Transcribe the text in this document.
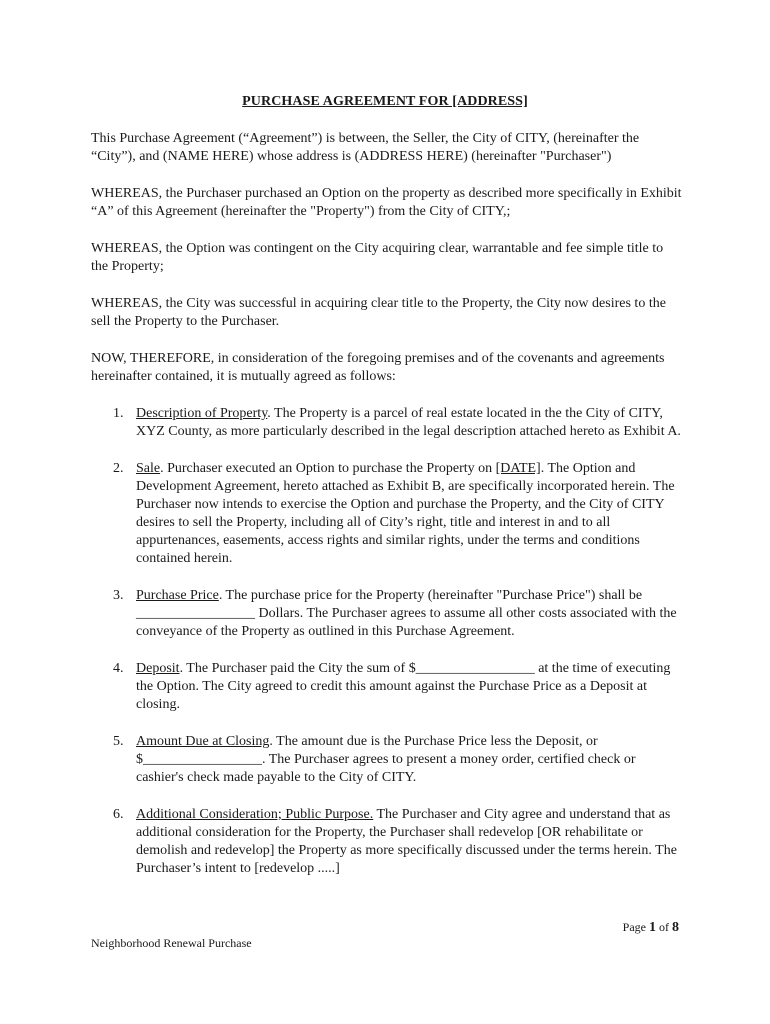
PURCHASE AGREEMENT FOR [ADDRESS]

This Purchase Agreement (“Agreement”) is between, the Seller, the City of CITY, (hereinafter the “City”), and (NAME HERE) whose address is (ADDRESS HERE) (hereinafter "Purchaser")

WHEREAS, the Purchaser purchased an Option on the property as described more specifically in Exhibit “A” of this Agreement (hereinafter the "Property") from the City of CITY,;

WHEREAS, the Option was contingent on the City acquiring clear, warrantable and fee simple title to the Property;

WHEREAS, the City was successful in acquiring clear title to the Property, the City now desires to the sell the Property to the Purchaser.

NOW, THEREFORE, in consideration of the foregoing premises and of the covenants and agreements hereinafter contained, it is mutually agreed as follows:

1. Description of Property. The Property is a parcel of real estate located in the the City of CITY, XYZ County, as more particularly described in the legal description attached hereto as Exhibit A.
2. Sale. Purchaser executed an Option to purchase the Property on [DATE]. The Option and Development Agreement, hereto attached as Exhibit B, are specifically incorporated herein. The Purchaser now intends to exercise the Option and purchase the Property, and the City of CITY desires to sell the Property, including all of City’s right, title and interest in and to all appurtenances, easements, access rights and similar rights, under the terms and conditions contained herein.
3. Purchase Price. The purchase price for the Property (hereinafter "Purchase Price") shall be _________________ Dollars. The Purchaser agrees to assume all other costs associated with the conveyance of the Property as outlined in this Purchase Agreement.
4. Deposit. The Purchaser paid the City the sum of $_________________ at the time of executing the Option. The City agreed to credit this amount against the Purchase Price as a Deposit at closing.
5. Amount Due at Closing. The amount due is the Purchase Price less the Deposit, or $_________________. The Purchaser agrees to present a money order, certified check or cashier's check made payable to the City of CITY.
6. Additional Consideration; Public Purpose. The Purchaser and City agree and understand that as additional consideration for the Property, the Purchaser shall redevelop [OR rehabilitate or demolish and redevelop] the Property as more specifically discussed under the terms herein. The Purchaser’s intent to [redevelop .....]
Page 1 of 8
Neighborhood Renewal Purchase
